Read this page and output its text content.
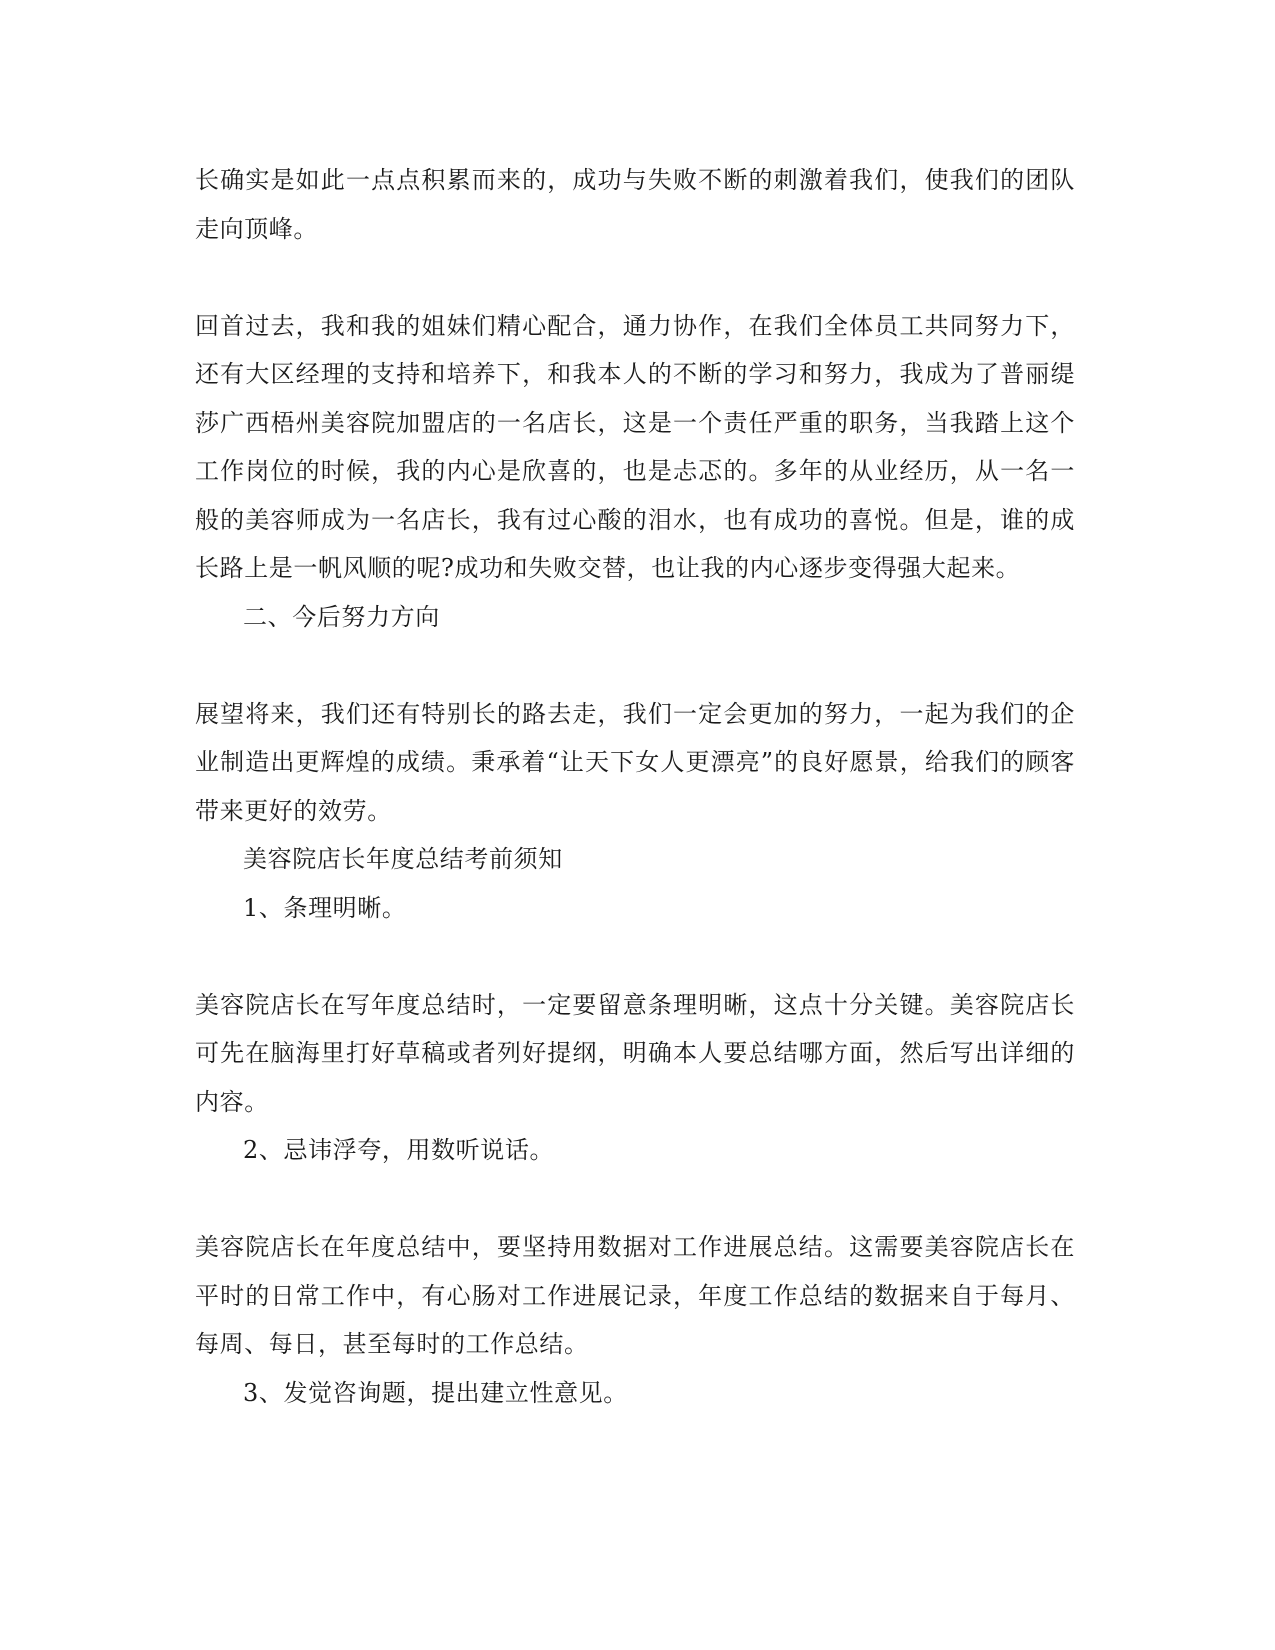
长确实是如此一点点积累而来的，成功与失败不断的刺激着我们，使我们的团队走向顶峰。

回首过去，我和我的姐妹们精心配合，通力协作，在我们全体员工共同努力下，还有大区经理的支持和培养下，和我本人的不断的学习和努力，我成为了普丽缇莎广西梧州美容院加盟店的一名店长，这是一个责任严重的职务，当我踏上这个工作岗位的时候，我的内心是欣喜的，也是忐忑的。多年的从业经历，从一名一般的美容师成为一名店长，我有过心酸的泪水，也有成功的喜悦。但是，谁的成长路上是一帆风顺的呢?成功和失败交替，也让我的内心逐步变得强大起来。

二、今后努力方向

展望将来，我们还有特别长的路去走，我们一定会更加的努力，一起为我们的企业制造出更辉煌的成绩。秉承着“让天下女人更漂亮”的良好愿景，给我们的顾客带来更好的效劳。

美容院店长年度总结考前须知

1、条理明晰。

美容院店长在写年度总结时，一定要留意条理明晰，这点十分关键。美容院店长可先在脑海里打好草稿或者列好提纲，明确本人要总结哪方面，然后写出详细的内容。

2、忌讳浮夸，用数听说话。

美容院店长在年度总结中，要坚持用数据对工作进展总结。这需要美容院店长在平时的日常工作中，有心肠对工作进展记录，年度工作总结的数据来自于每月、每周、每日，甚至每时的工作总结。

3、发觉咨询题，提出建立性意见。
